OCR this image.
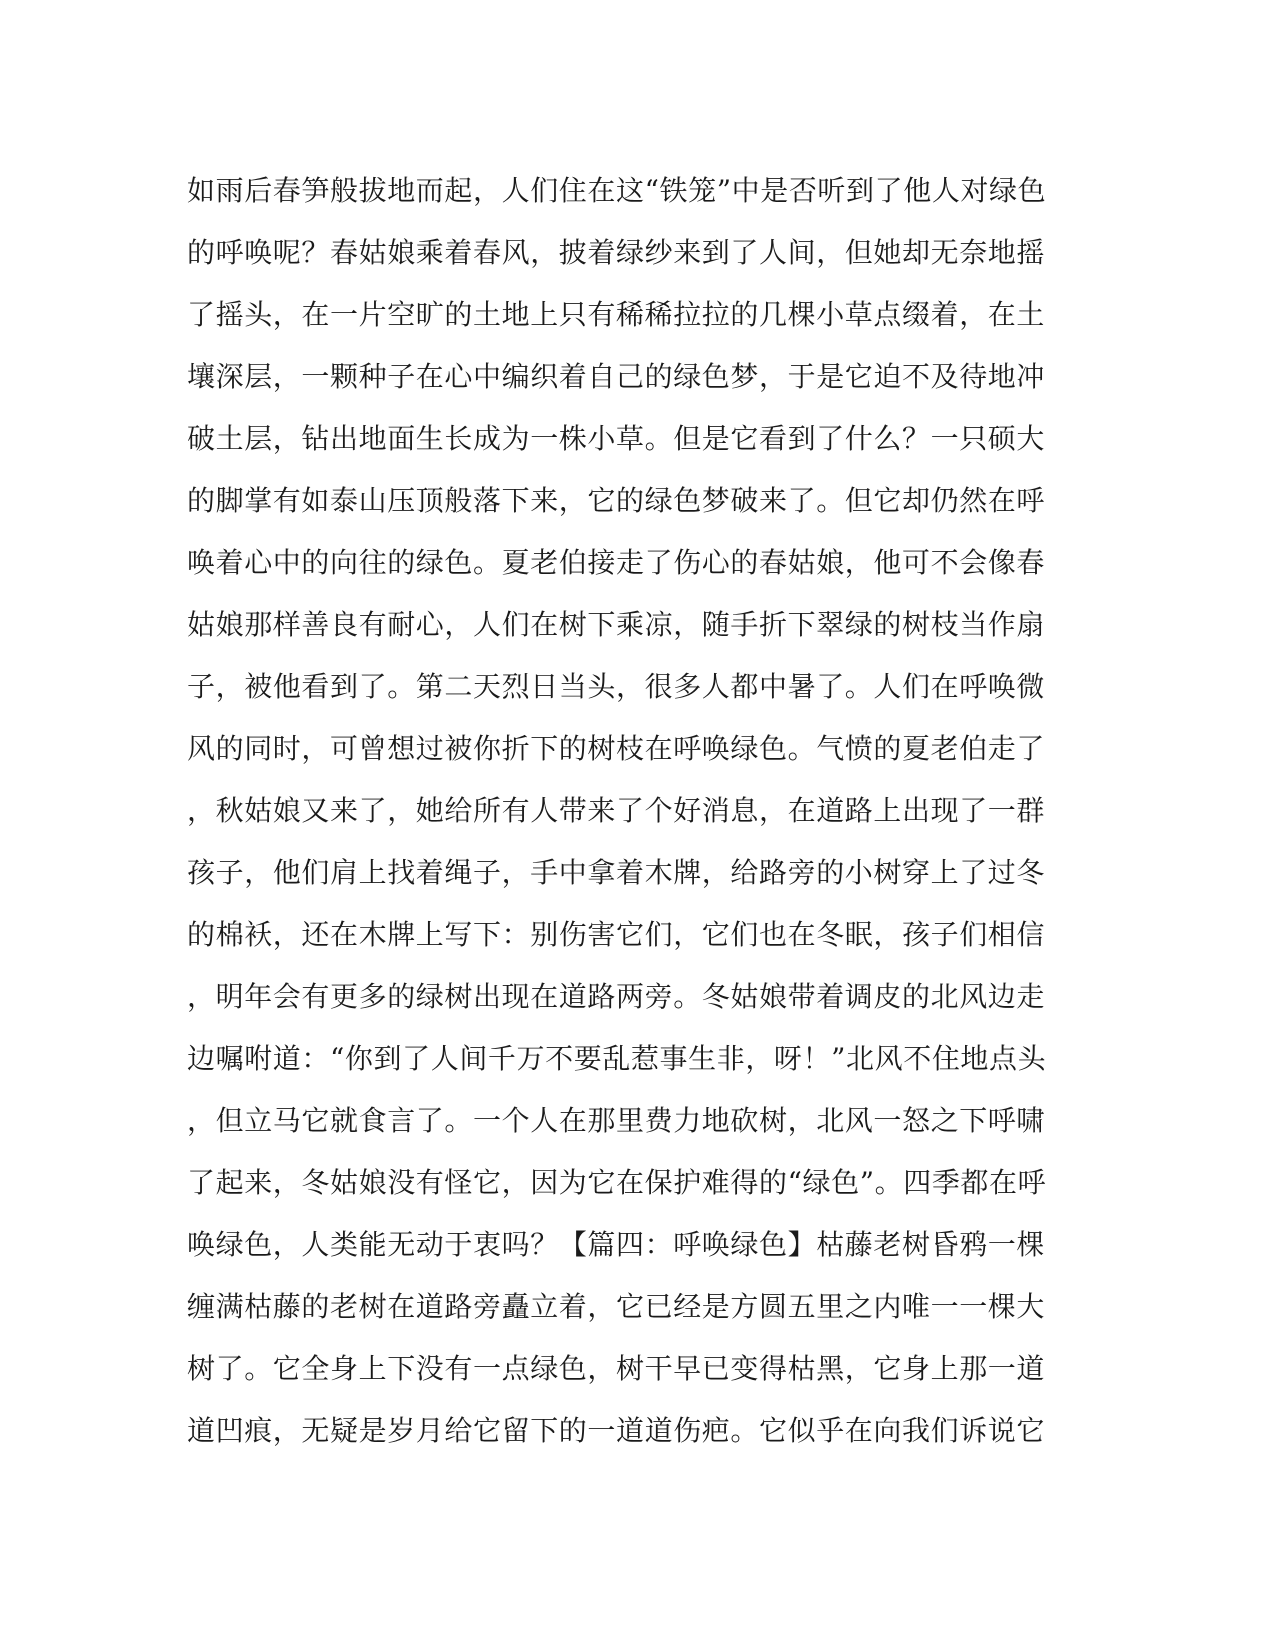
如雨后春笋般拔地而起，人们住在这“铁笼”中是否听到了他人对绿色
的呼唤呢？春姑娘乘着春风，披着绿纱来到了人间，但她却无奈地摇
了摇头，在一片空旷的土地上只有稀稀拉拉的几棵小草点缀着，在土
壤深层，一颗种子在心中编织着自己的绿色梦，于是它迫不及待地冲
破土层，钻出地面生长成为一株小草。但是它看到了什么？一只硕大
的脚掌有如泰山压顶般落下来，它的绿色梦破来了。但它却仍然在呼
唤着心中的向往的绿色。夏老伯接走了伤心的春姑娘，他可不会像春
姑娘那样善良有耐心，人们在树下乘凉，随手折下翠绿的树枝当作扇
子，被他看到了。第二天烈日当头，很多人都中暑了。人们在呼唤微
风的同时，可曾想过被你折下的树枝在呼唤绿色。气愤的夏老伯走了
，秋姑娘又来了，她给所有人带来了个好消息，在道路上出现了一群
孩子，他们肩上找着绳子，手中拿着木牌，给路旁的小树穿上了过冬
的棉袄，还在木牌上写下：别伤害它们，它们也在冬眠，孩子们相信
，明年会有更多的绿树出现在道路两旁。冬姑娘带着调皮的北风边走
边嘱咐道：“你到了人间千万不要乱惹事生非，呀！”北风不住地点头
，但立马它就食言了。一个人在那里费力地砍树，北风一怒之下呼啸
了起来，冬姑娘没有怪它，因为它在保护难得的“绿色”。四季都在呼
唤绿色，人类能无动于衷吗？【篇四：呼唤绿色】枯藤老树昏鸦一棵
缠满枯藤的老树在道路旁矗立着，它已经是方圆五里之内唯一一棵大
树了。它全身上下没有一点绿色，树干早已变得枯黑，它身上那一道
道凹痕，无疑是岁月给它留下的一道道伤疤。它似乎在向我们诉说它
